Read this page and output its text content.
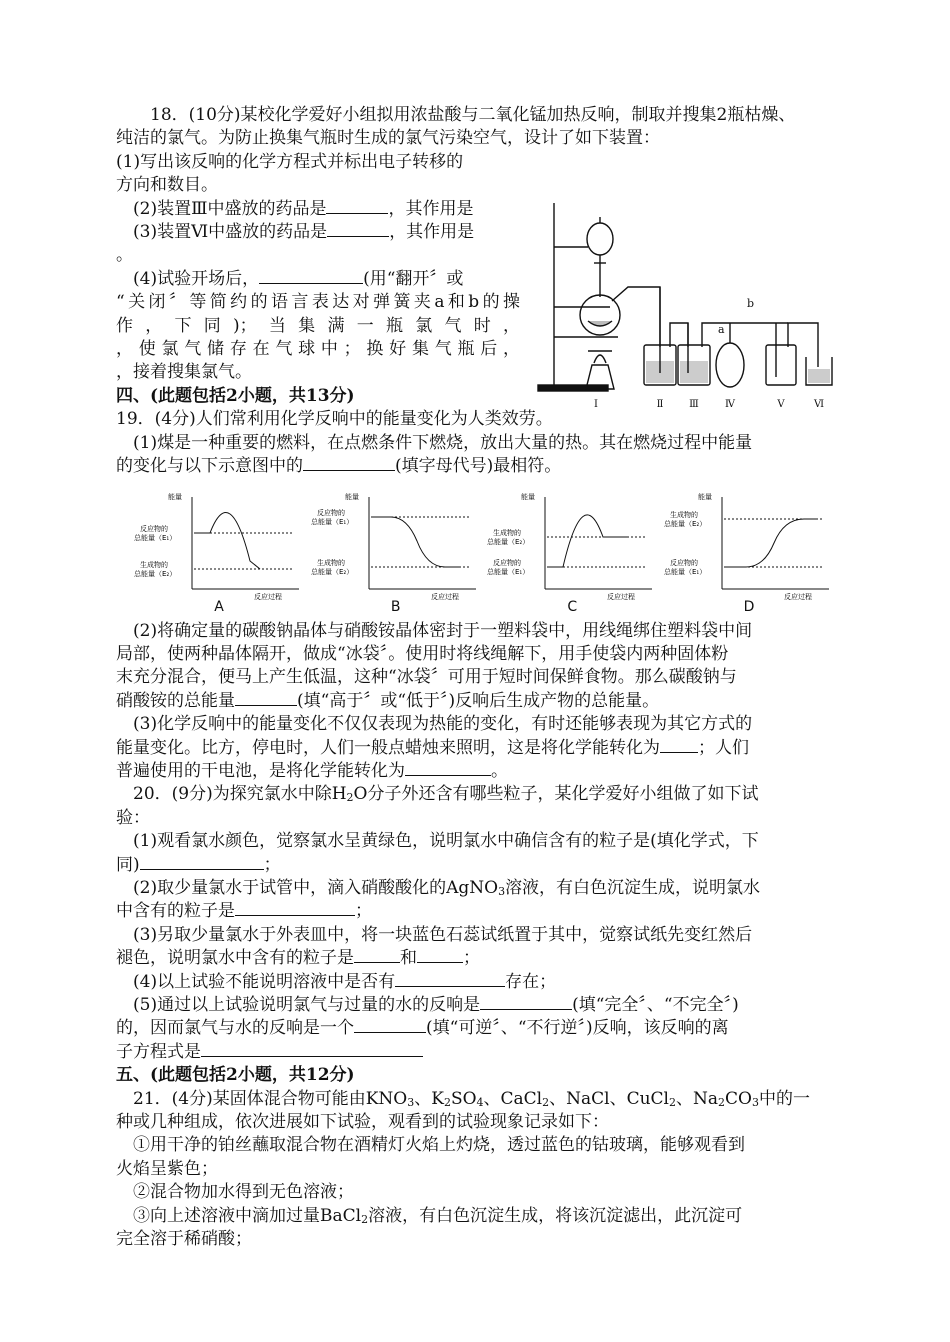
18．(10分)某校化学爱好小组拟用浓盐酸与二氧化锰加热反响，制取并搜集2瓶枯燥、

纯洁的氯气。为防止换集气瓶时生成的氯气污染空气，设计了如下装置：

(1)写出该反响的化学方程式并标出电子转移的

方向和数目。

(2)装置Ⅲ中盛放的药品是	，其作用是

(3)装置Ⅵ中盛放的药品是	，其作用是

。

(4)试验开场后，	(用“翻开〞或

“关闭〞等简约的语言表达对弹簧夹a和b的操

作，下同)；当集满一瓶氯气时，

，使氯气储存在气球中；换好集气瓶后，

，接着搜集氯气。

a
b
Ⅰ	Ⅱ	Ⅲ	Ⅳ	Ⅴ	Ⅵ

四、(此题包括2小题，共13分)

19．(4分)人们常利用化学反响中的能量变化为人类效劳。

(1)煤是一种重要的燃料，在点燃条件下燃烧，放出大量的热。其在燃烧过程中能量

的变化与以下示意图中的	(填字母代号)最相符。

能量
反应过程
反应物的
总能量（E₁）
生成物的
总能量（E₂）
A
能量
反应过程
反应物的
总能量（E₁）
生成物的
总能量（E₂）
B
能量
反应过程
生成物的
总能量（E₂）
反应物的
总能量（E₁）
C
能量
反应过程
生成物的
总能量（E₂）
反应物的
总能量（E₁）
D

(2)将确定量的碳酸钠晶体与硝酸铵晶体密封于一塑料袋中，用线绳绑住塑料袋中间

局部，使两种晶体隔开，做成“冰袋〞。使用时将线绳解下，用手使袋内两种固体粉

末充分混合，便马上产生低温，这种“冰袋〞可用于短时间保鲜食物。那么碳酸钠与

硝酸铵的总能量	(填“高于〞或“低于〞)反响后生成产物的总能量。

(3)化学反响中的能量变化不仅仅表现为热能的变化，有时还能够表现为其它方式的

能量变化。比方，停电时，人们一般点蜡烛来照明，这是将化学能转化为 ；人们

普遍使用的干电池，是将化学能转化为	。

20．(9分)为探究氯水中除$H_2O$分子外还含有哪些粒子，某化学爱好小组做了如下试

验：

(1)观看氯水颜色，觉察氯水呈黄绿色，说明氯水中确信含有的粒子是(填化学式，下

同)	；

(2)取少量氯水于试管中，滴入硝酸酸化的AgNO$_3$溶液，有白色沉淀生成，说明氯水

中含有的粒子是	；

(3)另取少量氯水于外表皿中，将一块蓝色石蕊试纸置于其中，觉察试纸先变红然后

褪色，说明氯水中含有的粒子是	和	；

(4)以上试验不能说明溶液中是否有	存在；

(5)通过以上试验说明氯气与过量的水的反响是	(填“完全〞、“不完全〞)

的，因而氯气与水的反响是一个	(填“可逆〞、“不行逆〞)反响，该反响的离

子方程式是

五、(此题包括2小题，共12分)

21．(4分)某固体混合物可能由$KNO_3$、$K_2SO_4$、CaCl$_2$、NaCl、CuCl$_2$、$Na_2CO_3$中的一

种或几种组成，依次进展如下试验，观看到的试验现象记录如下：

①用干净的铂丝蘸取混合物在酒精灯火焰上灼烧，透过蓝色的钴玻璃，能够观看到

火焰呈紫色；

②混合物加水得到无色溶液；

③向上述溶液中滴加过量BaCl$_2$溶液，有白色沉淀生成，将该沉淀滤出，此沉淀可

完全溶于稀硝酸；
